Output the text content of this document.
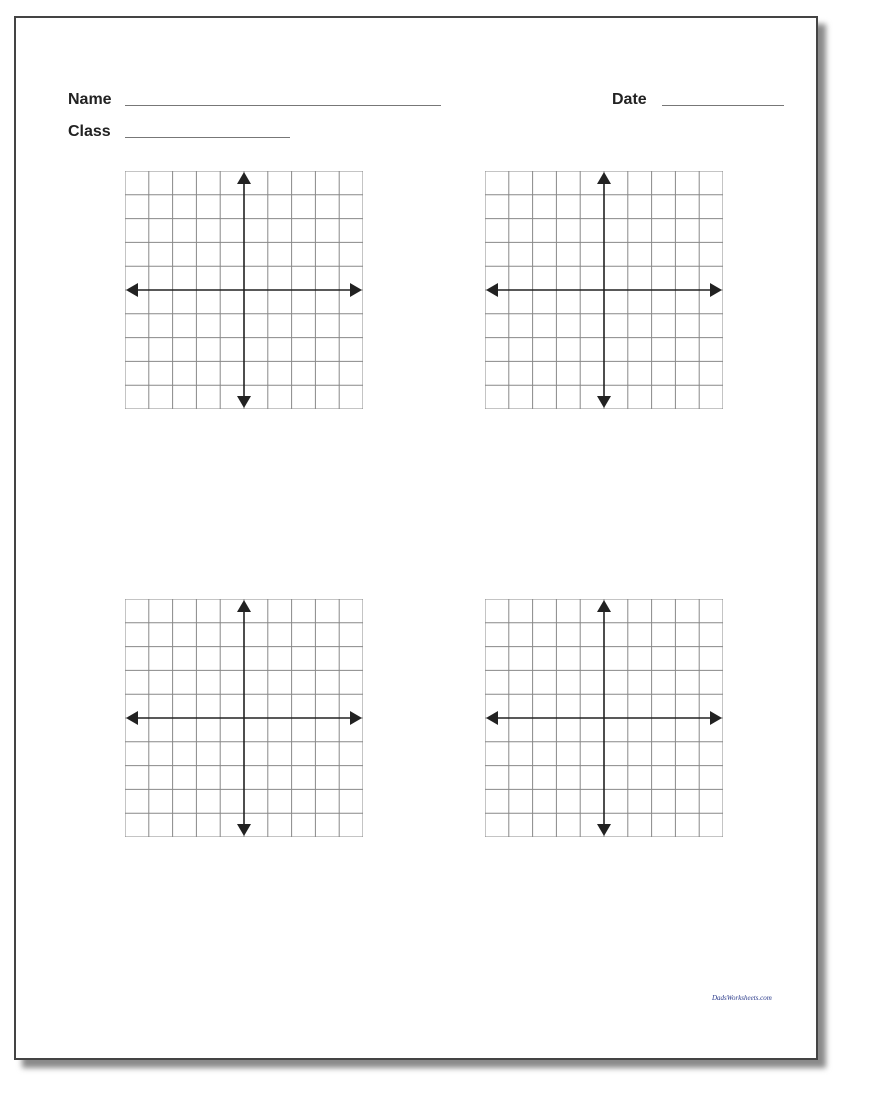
Name
Class
Date
DadsWorksheets.com
